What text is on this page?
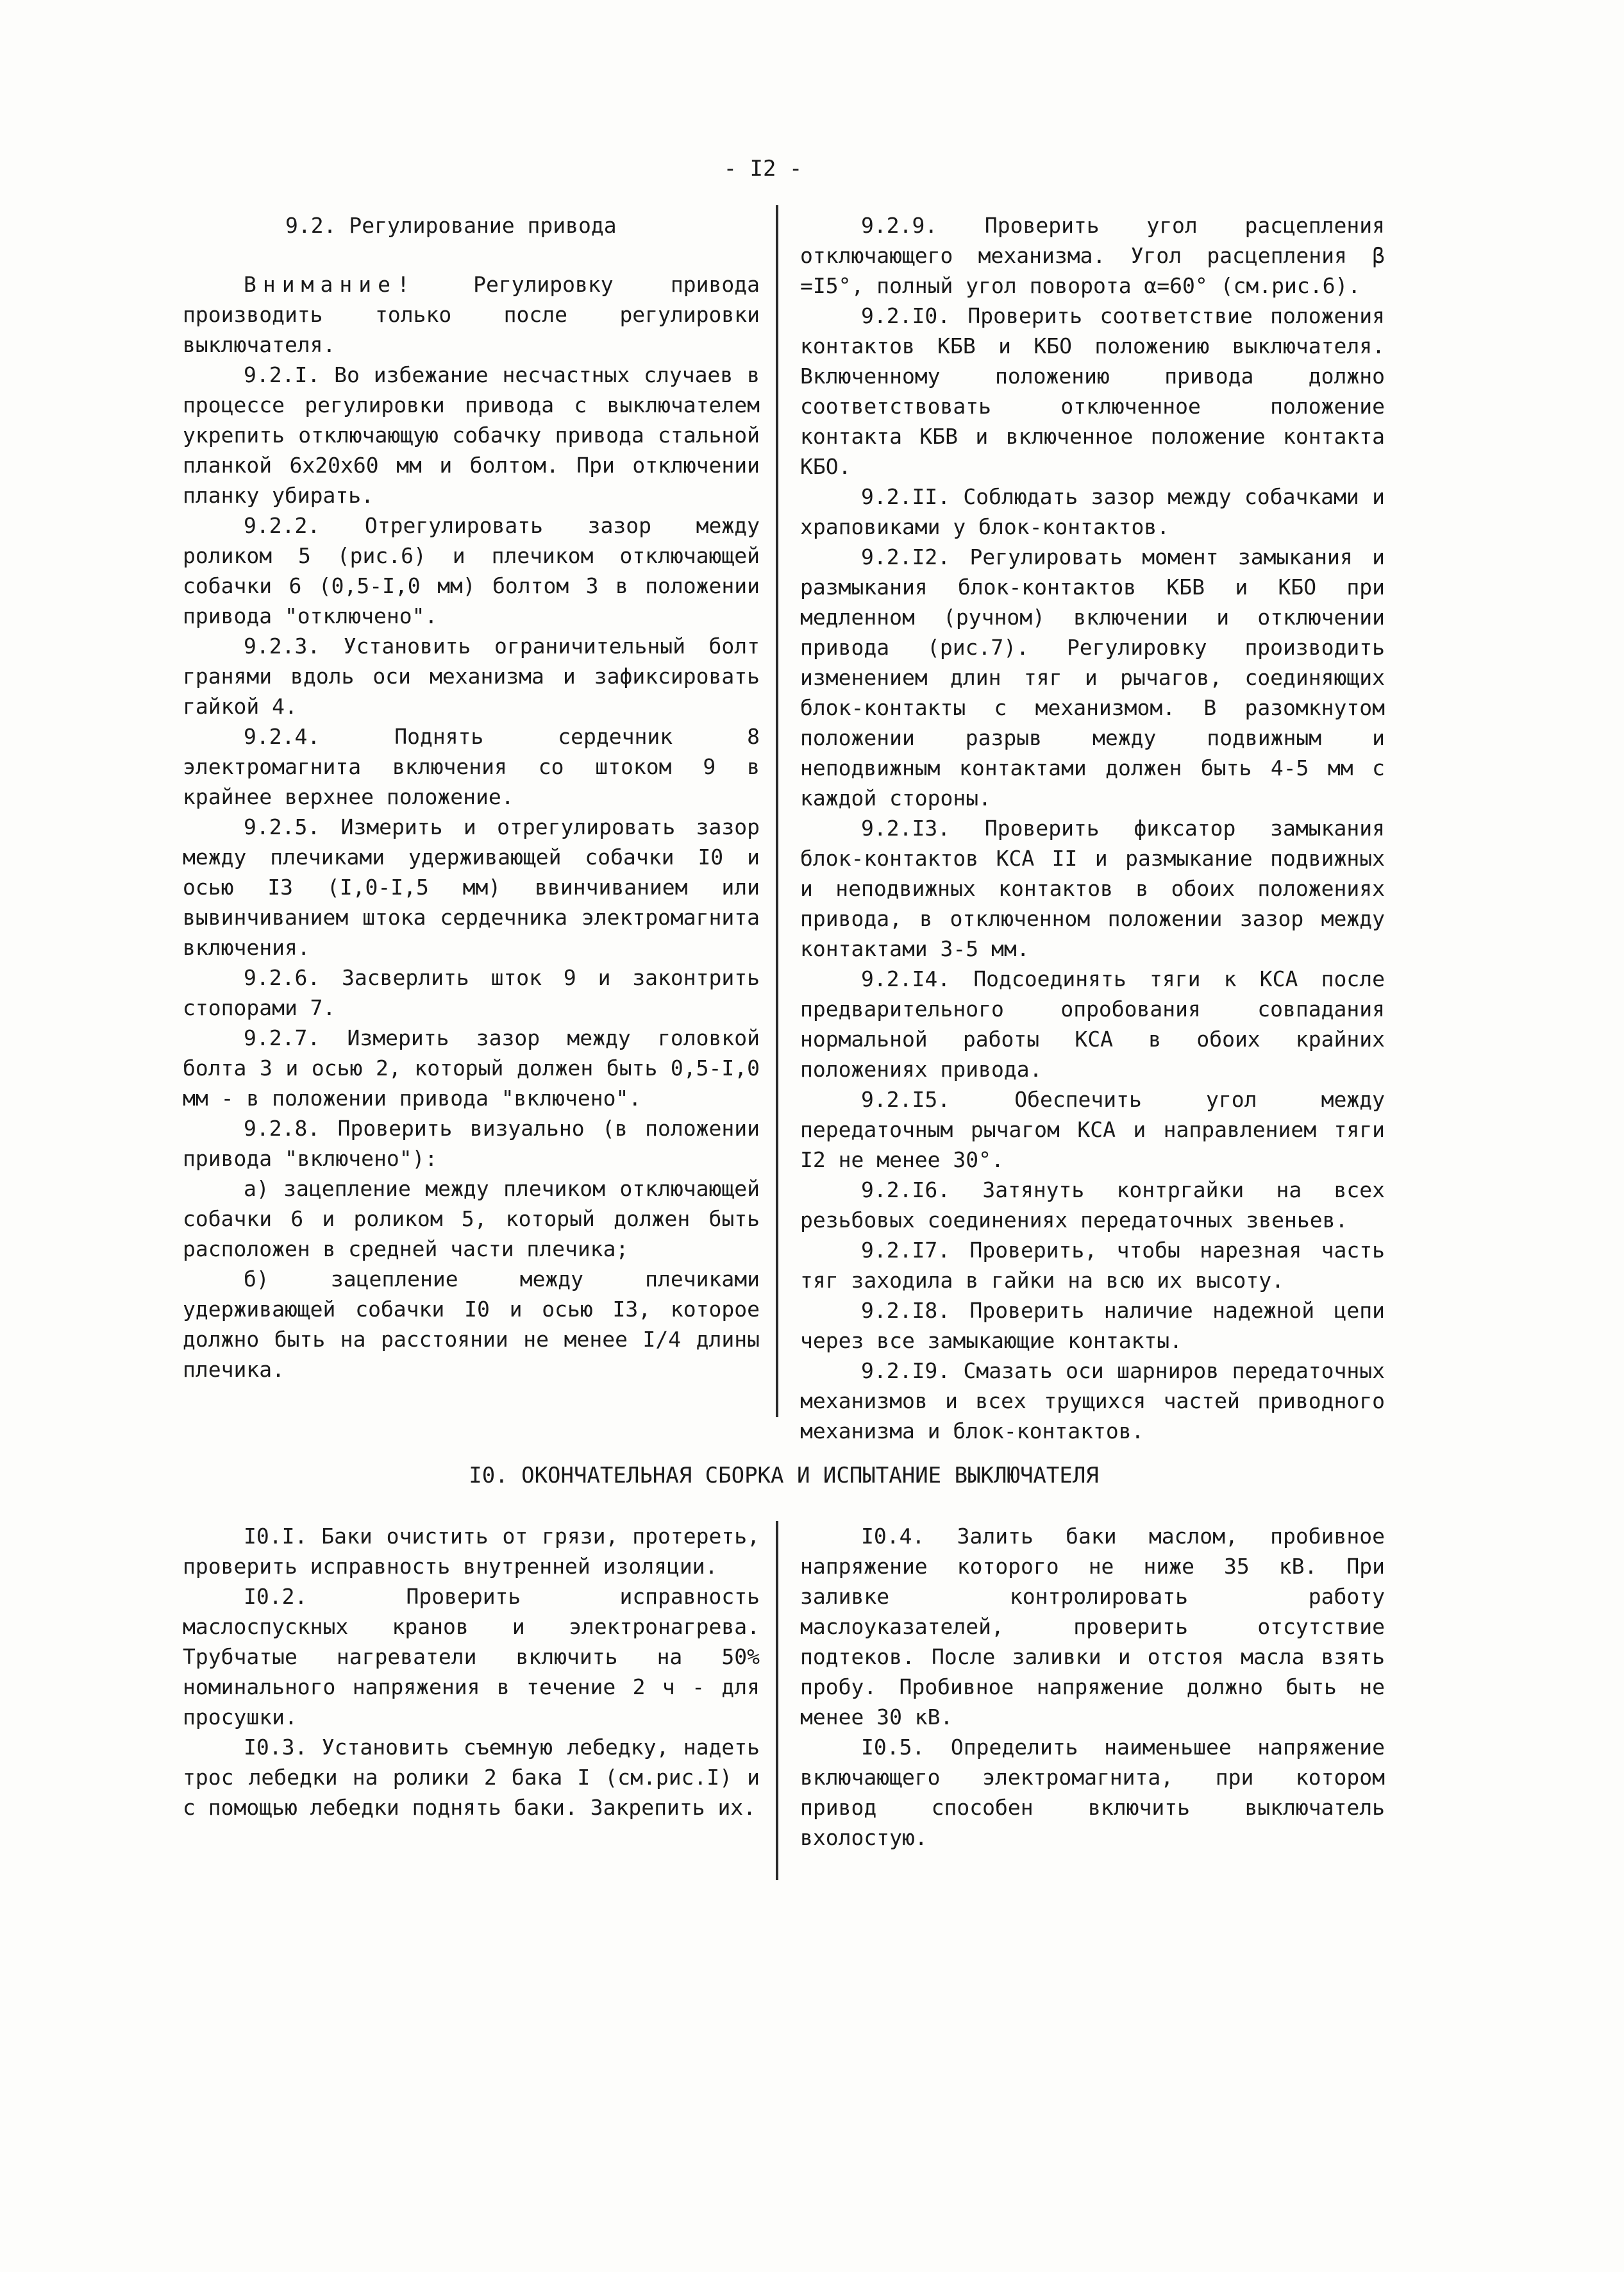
- I2 -

9.2. Регулирование привода

Внимание! Регулировку привода производить только после регулировки выключателя.

9.2.I. Во избежание несчастных случаев в процессе регулировки привода с выключателем укрепить отключающую собачку привода стальной планкой 6х20х60 мм и болтом. При отключении планку убирать.

9.2.2. Отрегулировать зазор между роликом 5 (рис.6) и плечиком отключающей собачки 6 (0,5-I,0 мм) болтом 3 в положении привода "отключено".

9.2.3. Установить ограничительный болт гранями вдоль оси механизма и зафиксировать гайкой 4.

9.2.4. Поднять сердечник 8 электромагнита включения со штоком 9 в крайнее верхнее положение.

9.2.5. Измерить и отрегулировать зазор между плечиками удерживающей собачки I0 и осью I3 (I,0-I,5 мм) ввинчиванием или вывинчиванием штока сердечника электромагнита включения.

9.2.6. Засверлить шток 9 и законтрить стопорами 7.

9.2.7. Измерить зазор между головкой болта 3 и осью 2, который должен быть 0,5-I,0 мм - в положении привода "включено".

9.2.8. Проверить визуально (в положении привода "включено"):

а) зацепление между плечиком отключающей собачки 6 и роликом 5, который должен быть расположен в средней части плечика;

б) зацепление между плечиками удерживающей собачки I0 и осью I3, которое должно быть на расстоянии не менее I/4 длины плечика.

9.2.9. Проверить угол расцепления отключающего механизма. Угол расцепления β =I5°, полный угол поворота α=60° (см.рис.6).

9.2.I0. Проверить соответствие положения контактов КБВ и КБО положению выключателя. Включенному положению привода должно соответствовать отключенное положение контакта КБВ и включенное положение контакта КБО.

9.2.II. Соблюдать зазор между собачками и храповиками у блок-контактов.

9.2.I2. Регулировать момент замыкания и размыкания блок-контактов КБВ и КБО при медленном (ручном) включении и отключении привода (рис.7). Регулировку производить изменением длин тяг и рычагов, соединяющих блок-контакты с механизмом. В разомкнутом положении разрыв между подвижным и неподвижным контактами должен быть 4-5 мм с каждой стороны.

9.2.I3. Проверить фиксатор замыкания блок-контактов КСА II и размыкание подвижных и неподвижных контактов в обоих положениях привода, в отключенном положении зазор между контактами 3-5 мм.

9.2.I4. Подсоединять тяги к КСА после предварительного опробования совпадания нормальной работы КСА в обоих крайних положениях привода.

9.2.I5. Обеспечить угол между передаточным рычагом КСА и направлением тяги I2 не менее 30°.

9.2.I6. Затянуть контргайки на всех резьбовых соединениях передаточных звеньев.

9.2.I7. Проверить, чтобы нарезная часть тяг заходила в гайки на всю их высоту.

9.2.I8. Проверить наличие надежной цепи через все замыкающие контакты.

9.2.I9. Смазать оси шарниров передаточных механизмов и всех трущихся частей приводного механизма и блок-контактов.

I0. ОКОНЧАТЕЛЬНАЯ СБОРКА И ИСПЫТАНИЕ ВЫКЛЮЧАТЕЛЯ

I0.I. Баки очистить от грязи, протереть, проверить исправность внутренней изоляции.

I0.2. Проверить исправность маслоспускных кранов и электронагрева. Трубчатые нагреватели включить на 50% номинального напряжения в течение 2 ч - для просушки.

I0.3. Установить съемную лебедку, надеть трос лебедки на ролики 2 бака I (см.рис.I) и с помощью лебедки поднять баки. Закрепить их.

I0.4. Залить баки маслом, пробивное напряжение которого не ниже 35 кВ. При заливке контролировать работу маслоуказателей, проверить отсутствие подтеков. После заливки и отстоя масла взять пробу. Пробивное напряжение должно быть не менее 30 кВ.

I0.5. Определить наименьшее напряжение включающего электромагнита, при котором привод способен включить выключатель вхолостую.
